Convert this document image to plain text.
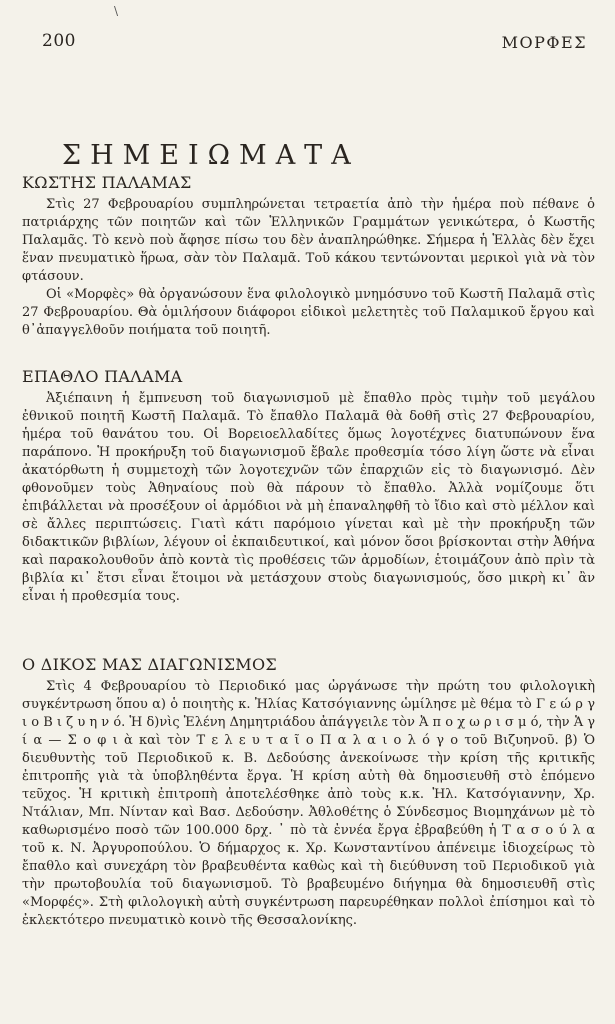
\
200	ΜΟΡΦΕΣ
ΣΗΜΕΙΩΜΑΤΑ
ΚΩΣΤΗΣ ΠΑΛΑΜΑΣ

Στὶς 27 Φεβρουαρίου συμπληρώνεται τετραετία ἀπὸ τὴν ἡμέρα ποὺ πέθανε ὁ πατριάρχης τῶν ποιητῶν καὶ τῶν Ἑλληνικῶν Γραμμάτων γενικώτερα, ὁ Κωστῆς Παλαμᾶς. Τὸ κενὸ ποὺ ἄφησε πίσω του δὲν ἀναπληρώθηκε. Σήμερα ἡ Ἑλλὰς δὲν ἔχει ἕναν πνευματικὸ ἥρωα, σὰν τὸν Παλαμᾶ. Τοῦ κάκου τεντώνονται μερικοὶ γιὰ νὰ τὸν φτάσουν.

Οἱ «Μορφὲς» θὰ ὀργανώσουν ἕνα φιλολογικὸ μνημόσυνο τοῦ Κωστῆ Παλαμᾶ στὶς 27 Φεβρουαρίου. Θὰ ὁμιλήσουν διάφοροι εἰδικοὶ μελετητὲς τοῦ Παλαμικοῦ ἔργου καὶ θ᾽ἀπαγγελθοῦν ποιήματα τοῦ ποιητῆ.

ΕΠΑΘΛΟ ΠΑΛΑΜΑ

Ἀξιέπαινη ἡ ἔμπνευση τοῦ διαγωνισμοῦ μὲ ἔπαθλο πρὸς τιμὴν τοῦ μεγάλου ἐθνικοῦ ποιητῆ Κωστῆ Παλαμᾶ. Τὸ ἔπαθλο Παλαμᾶ θὰ δοθῆ στὶς 27 Φεβρουαρίου, ἡμέρα τοῦ θανάτου του. Οἱ Βορειοελλαδίτες ὅμως λογοτέχνες διατυπώνουν ἕνα παράπονο. Ἡ προκήρυξη τοῦ διαγωνισμοῦ ἔβαλε προθεσμία τόσο λίγη ὥστε νὰ εἶναι ἀκατόρθωτη ἡ συμμετοχὴ τῶν λογοτεχνῶν τῶν ἐπαρχιῶν εἰς τὸ διαγωνισμό. Δὲν φθονοῦμεν τοὺς Ἀθηναίους ποὺ θὰ πάρουν τὸ ἔπαθλο. Ἀλλὰ νομίζουμε ὅτι ἐπιβάλλεται νὰ προσέξουν οἱ ἁρμόδιοι νὰ μὴ ἐπαναληφθῆ τὸ ἴδιο καὶ στὸ μέλλον καὶ σὲ ἄλλες περιπτώσεις. Γιατὶ κάτι παρόμοιο γίνεται καὶ μὲ τὴν προκήρυξη τῶν διδακτικῶν βιβλίων, λέγουν οἱ ἐκπαιδευτικοί, καὶ μόνον ὅσοι βρίσκονται στὴν Ἀθήνα καὶ παρακολουθοῦν ἀπὸ κοντὰ τὶς προθέσεις τῶν ἁρμοδίων, ἑτοιμάζουν ἀπὸ πρὶν τὰ βιβλία κι᾽ ἔτσι εἶναι ἕτοιμοι νὰ μετάσχουν στοὺς διαγωνισμούς, ὅσο μικρὴ κι᾽ ἂν εἶναι ἡ προθεσμία τους.

Ο ΔΙΚΟΣ ΜΑΣ ΔΙΑΓΩΝΙΣΜΟΣ

Στὶς 4 Φεβρουαρίου τὸ Περιοδικό μας ὠργάνωσε τὴν πρώτη του φιλολογικὴ συγκέντρωση ὅπου α) ὁ ποιητὴς κ. Ἠλίας Κατσόγιαννης ὡμίλησε μὲ θέμα τὸ Γ ε ώ ρ γ ι ο Β ι ζ υ η ν ό. Ἡ δ)νὶς Ἑλένη Δημητριάδου ἀπάγγειλε τὸν Ἀ π ο χ ω ρ ι σ μ ό, τὴν Ἁ γ ί α — Σ ο φ ι ὰ καὶ τὸν Τ ε λ ε υ τ α ῖ ο Π α λ α ι ο λ ό γ ο τοῦ Βιζυηνοῦ. β) Ὁ διευθυντὴς τοῦ Περιοδικοῦ κ. Β. Δεδούσης ἀνεκοίνωσε τὴν κρίση τῆς κριτικῆς ἐπιτροπῆς γιὰ τὰ ὑποβληθέντα ἔργα. Ἡ κρίση αὐτὴ θὰ δημοσιευθῆ στὸ ἑπόμενο τεῦχος. Ἡ κριτικὴ ἐπιτροπὴ ἀποτελέσθηκε ἀπὸ τοὺς κ.κ. Ἠλ. Κατσόγιαννην, Χρ. Ντάλιαν, Μπ. Νίνταν καὶ Βασ. Δεδούσην. Ἀθλοθέτης ὁ Σύνδεσμος Βιομηχάνων μὲ τὸ καθωρισμένο ποσὸ τῶν 100.000 δρχ. ᾽ πὸ τὰ ἐννέα ἔργα ἐβραβεύθη ἡ Τ α σ ο ύ λ α τοῦ κ. Ν. Ἀργυροπούλου. Ὁ δήμαρχος κ. Χρ. Κωνσταντίνου ἀπένειμε ἰδιοχείρως τὸ ἔπαθλο καὶ συνεχάρη τὸν βραβευθέντα καθὼς καὶ τὴ διεύθυνση τοῦ Περιοδικοῦ γιὰ τὴν πρωτοβουλία τοῦ διαγωνισμοῦ. Τὸ βραβευμένο διήγημα θὰ δημοσιευθῆ στὶς «Μορφές». Στὴ φιλολογικὴ αὐτὴ συγκέντρωση παρευρέθηκαν πολλοὶ ἐπίσημοι καὶ τὸ ἐκλεκτότερο πνευματικὸ κοινὸ τῆς Θεσσαλονίκης.
